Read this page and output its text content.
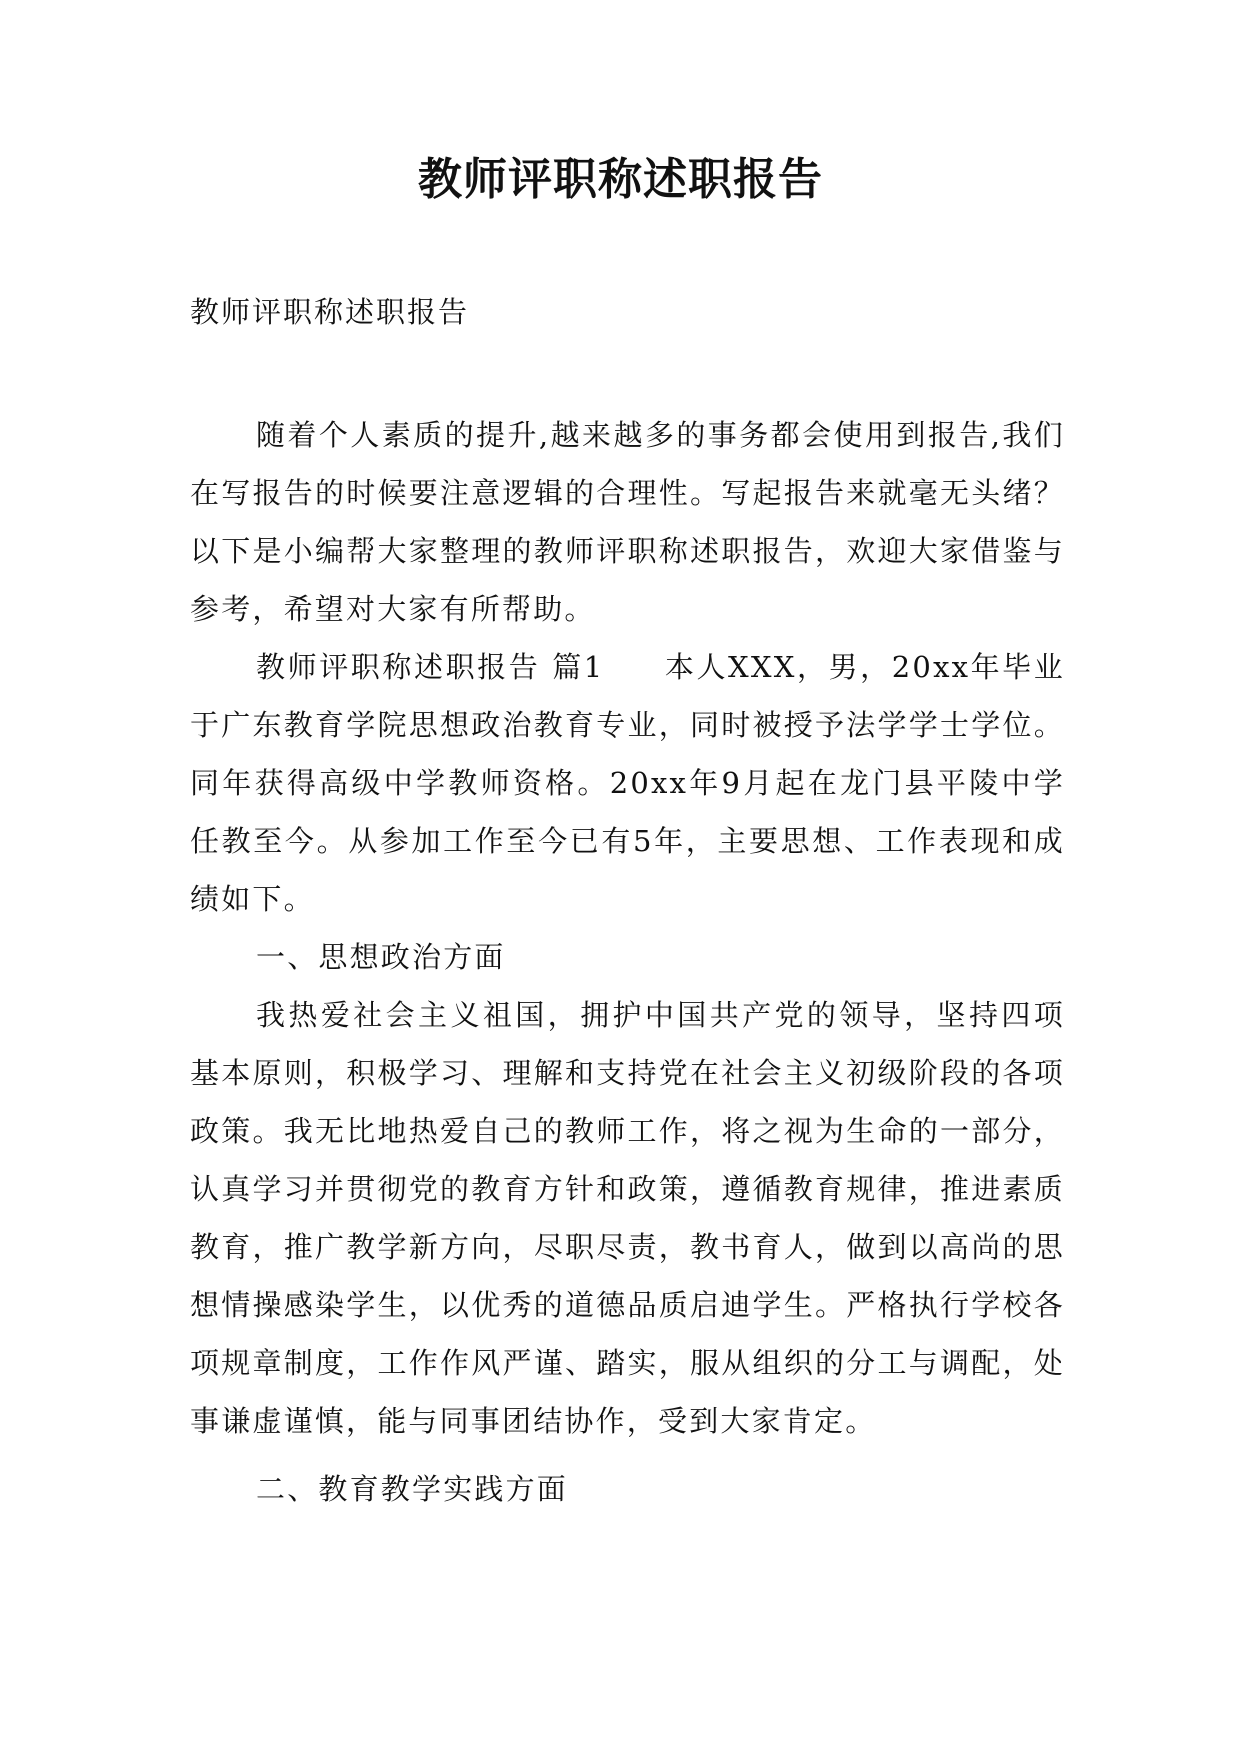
教师评职称述职报告
教师评职称述职报告

随着个人素质的提升,越来越多的事务都会使用到报告,我们在写报告的时候要注意逻辑的合理性。写起报告来就毫无头绪？以下是小编帮大家整理的教师评职称述职报告，欢迎大家借鉴与参考，希望对大家有所帮助。

教师评职称述职报告 篇1 本人XXX，男，20xx年毕业于广东教育学院思想政治教育专业，同时被授予法学学士学位。同年获得高级中学教师资格。20xx年9月起在龙门县平陵中学任教至今。从参加工作至今已有5年，主要思想、工作表现和成绩如下。

一、思想政治方面

我热爱社会主义祖国，拥护中国共产党的领导，坚持四项基本原则，积极学习、理解和支持党在社会主义初级阶段的各项政策。我无比地热爱自己的教师工作，将之视为生命的一部分，认真学习并贯彻党的教育方针和政策，遵循教育规律，推进素质教育，推广教学新方向，尽职尽责，教书育人，做到以高尚的思想情操感染学生，以优秀的道德品质启迪学生。严格执行学校各项规章制度，工作作风严谨、踏实，服从组织的分工与调配，处事谦虚谨慎，能与同事团结协作，受到大家肯定。

二、教育教学实践方面
